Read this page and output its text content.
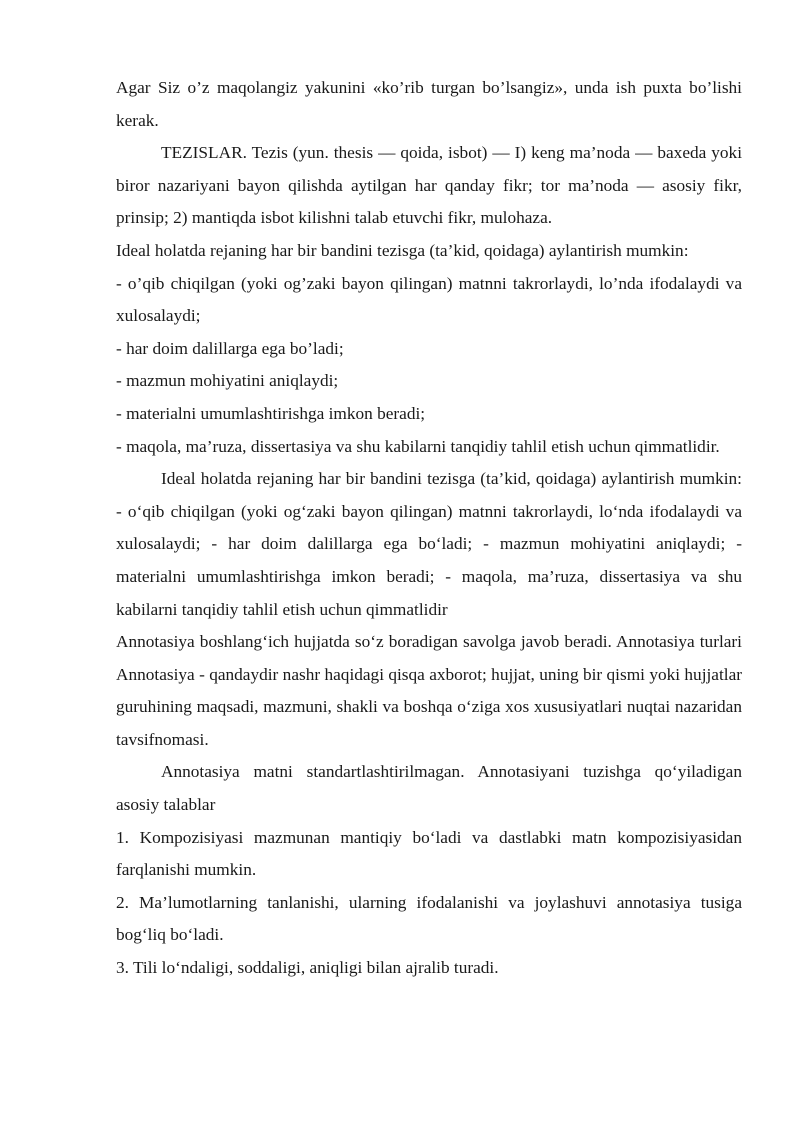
Agar Siz o’z maqolangiz yakunini «ko’rib turgan bo’lsangiz», unda ish puxta bo’lishi kerak.

TEZISLAR. Tezis (yun. thesis — qoida, isbot) — I) keng ma’noda — baxeda yoki biror nazariyani bayon qilishda aytilgan har qanday fikr; tor ma’noda — asosiy fikr, prinsip; 2) mantiqda isbot kilishni talab etuvchi fikr, mulohaza.

Ideal holatda rejaning har bir bandini tezisga (ta’kid, qoidaga) aylantirish mumkin:

- o’qib chiqilgan (yoki og’zaki bayon qilingan) matnni takrorlaydi, lo’nda ifodalaydi va xulosalaydi;

- har doim dalillarga ega bo’ladi;

- mazmun mohiyatini aniqlaydi;

- materialni umumlashtirishga imkon beradi;

- maqola, ma’ruza, dissertasiya va shu kabilarni tanqidiy tahlil etish uchun qimmatlidir.

Ideal holatda rejaning har bir bandini tezisga (ta’kid, qoidaga) aylantirish mumkin: - o‘qib chiqilgan (yoki og‘zaki bayon qilingan) matnni takrorlaydi, lo‘nda ifodalaydi va xulosalaydi; - har doim dalillarga ega bo‘ladi; - mazmun mohiyatini aniqlaydi; - materialni umumlashtirishga imkon beradi; - maqola, ma’ruza, dissertasiya va shu kabilarni tanqidiy tahlil etish uchun qimmatlidir

Annotasiya boshlang‘ich hujjatda so‘z boradigan savolga javob beradi. Annotasiya turlari Annotasiya - qandaydir nashr haqidagi qisqa axborot; hujjat, uning bir qismi yoki hujjatlar guruhining maqsadi, mazmuni, shakli va boshqa o‘ziga xos xususiyatlari nuqtai nazaridan tavsifnomasi.

Annotasiya matni standartlashtirilmagan. Annotasiyani tuzishga qo‘yiladigan asosiy talablar

1. Kompozisiyasi mazmunan mantiqiy bo‘ladi va dastlabki matn kompozisiyasidan farqlanishi mumkin.

2. Ma’lumotlarning tanlanishi, ularning ifodalanishi va joylashuvi annotasiya tusiga bog‘liq bo‘ladi.

3. Tili lo‘ndaligi, soddaligi, aniqligi bilan ajralib turadi.
